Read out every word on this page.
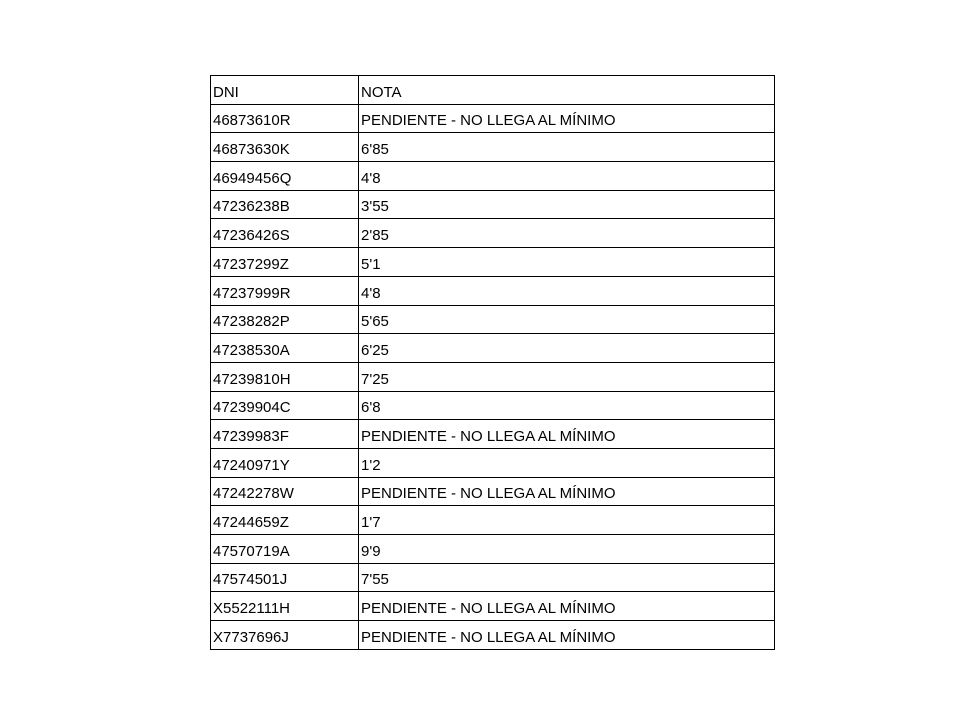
DNI	NOTA
46873610R	PENDIENTE - NO LLEGA AL MÍNIMO
46873630K	6'85
46949456Q	4'8
47236238B	3'55
47236426S	2'85
47237299Z	5'1
47237999R	4'8
47238282P	5'65
47238530A	6'25
47239810H	7'25
47239904C	6'8
47239983F	PENDIENTE - NO LLEGA AL MÍNIMO
47240971Y	1'2
47242278W	PENDIENTE - NO LLEGA AL MÍNIMO
47244659Z	1'7
47570719A	9'9
47574501J	7'55
X5522111H	PENDIENTE - NO LLEGA AL MÍNIMO
X7737696J	PENDIENTE - NO LLEGA AL MÍNIMO
